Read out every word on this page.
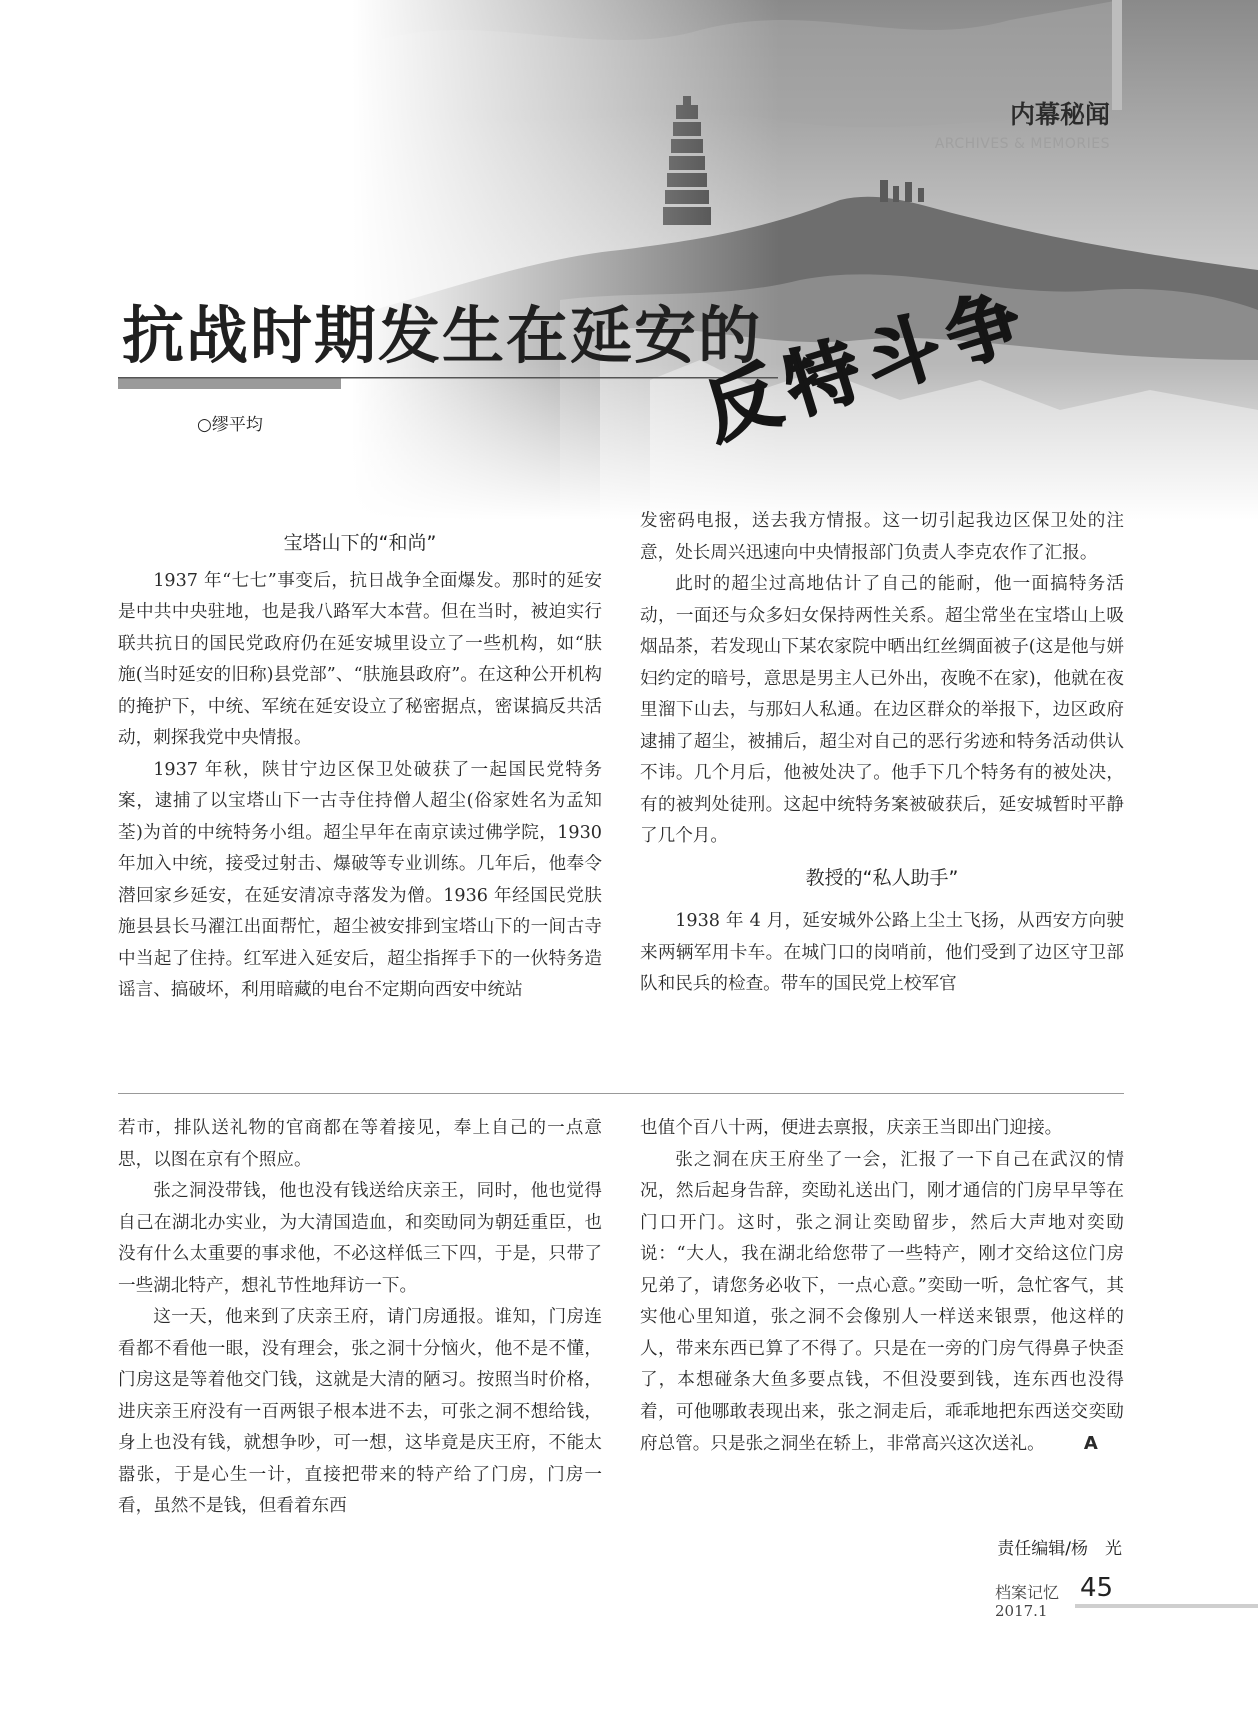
内幕秘闻
ARCHIVES & MEMORIES
抗战时期发生在延安的
反特斗争
○缪平均
宝塔山下的“和尚”

1937 年“七七”事变后，抗日战争全面爆发。那时的延安是中共中央驻地，也是我八路军大本营。但在当时，被迫实行联共抗日的国民党政府仍在延安城里设立了一些机构，如“肤施(当时延安的旧称)县党部”、“肤施县政府”。在这种公开机构的掩护下，中统、军统在延安设立了秘密据点，密谋搞反共活动，刺探我党中央情报。

1937 年秋，陕甘宁边区保卫处破获了一起国民党特务案，逮捕了以宝塔山下一古寺住持僧人超尘(俗家姓名为孟知荃)为首的中统特务小组。超尘早年在南京读过佛学院，1930 年加入中统，接受过射击、爆破等专业训练。几年后，他奉令潜回家乡延安，在延安清凉寺落发为僧。1936 年经国民党肤施县县长马濯江出面帮忙，超尘被安排到宝塔山下的一间古寺中当起了住持。红军进入延安后，超尘指挥手下的一伙特务造谣言、搞破坏，利用暗藏的电台不定期向西安中统站

发密码电报，送去我方情报。这一切引起我边区保卫处的注意，处长周兴迅速向中央情报部门负责人李克农作了汇报。

此时的超尘过高地估计了自己的能耐，他一面搞特务活动，一面还与众多妇女保持两性关系。超尘常坐在宝塔山上吸烟品茶，若发现山下某农家院中晒出红丝绸面被子(这是他与姘妇约定的暗号，意思是男主人已外出，夜晚不在家)，他就在夜里溜下山去，与那妇人私通。在边区群众的举报下，边区政府逮捕了超尘，被捕后，超尘对自己的恶行劣迹和特务活动供认不讳。几个月后，他被处决了。他手下几个特务有的被处决，有的被判处徒刑。这起中统特务案被破获后，延安城暂时平静了几个月。

教授的“私人助手”

1938 年 4 月，延安城外公路上尘土飞扬，从西安方向驶来两辆军用卡车。在城门口的岗哨前，他们受到了边区守卫部队和民兵的检查。带车的国民党上校军官

若市，排队送礼物的官商都在等着接见，奉上自己的一点意思，以图在京有个照应。

张之洞没带钱，他也没有钱送给庆亲王，同时，他也觉得自己在湖北办实业，为大清国造血，和奕劻同为朝廷重臣，也没有什么太重要的事求他，不必这样低三下四，于是，只带了一些湖北特产，想礼节性地拜访一下。

这一天，他来到了庆亲王府，请门房通报。谁知，门房连看都不看他一眼，没有理会，张之洞十分恼火，他不是不懂，门房这是等着他交门钱，这就是大清的陋习。按照当时价格，进庆亲王府没有一百两银子根本进不去，可张之洞不想给钱，身上也没有钱，就想争吵，可一想，这毕竟是庆王府，不能太嚣张，于是心生一计，直接把带来的特产给了门房，门房一看，虽然不是钱，但看着东西

也值个百八十两，便进去禀报，庆亲王当即出门迎接。

张之洞在庆王府坐了一会，汇报了一下自己在武汉的情况，然后起身告辞，奕劻礼送出门，刚才通信的门房早早等在门口开门。这时，张之洞让奕劻留步，然后大声地对奕劻说：“大人，我在湖北给您带了一些特产，刚才交给这位门房兄弟了，请您务必收下，一点心意。”奕劻一听，急忙客气，其实他心里知道，张之洞不会像别人一样送来银票，他这样的人，带来东西已算了不得了。只是在一旁的门房气得鼻子快歪了，本想碰条大鱼多要点钱，不但没要到钱，连东西也没得着，可他哪敢表现出来，张之洞走后，乖乖地把东西送交奕劻府总管。只是张之洞坐在轿上，非常高兴这次送礼。 A

责任编辑/杨　光
档案记忆 45
2017.1
